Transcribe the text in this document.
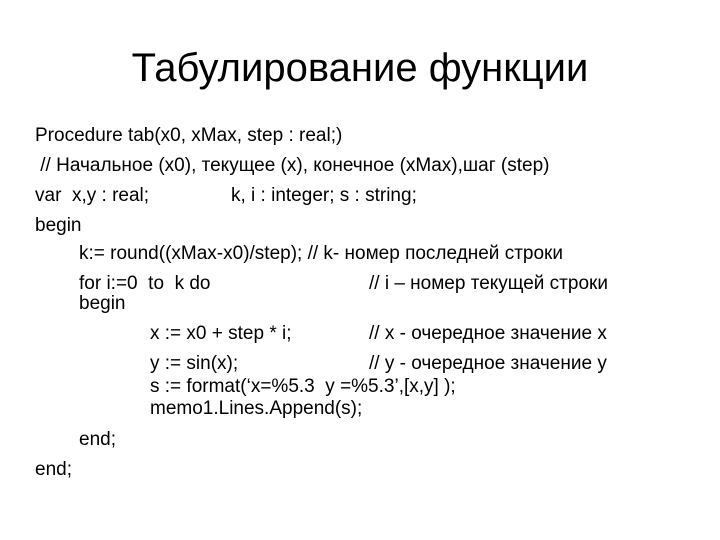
Табулирование функции
Procedure tab(x0, xMax, step : real;)
// Начальное (x0), текущее (x), конечное (xMax),шаг (step)
var  x,y : real;	k, i : integer; s : string;
begin
k:= round((xMax-x0)/step); // k- номер последней строки
for i:=0  to  k do	// i – номер текущей строки
begin
x := x0 + step * i;	// x - очередное значение x
y := sin(x);	// y - очередное значение y
s := format(‘x=%5.3  y =%5.3’,[x,y] );
memo1.Lines.Append(s);
end;
end;
